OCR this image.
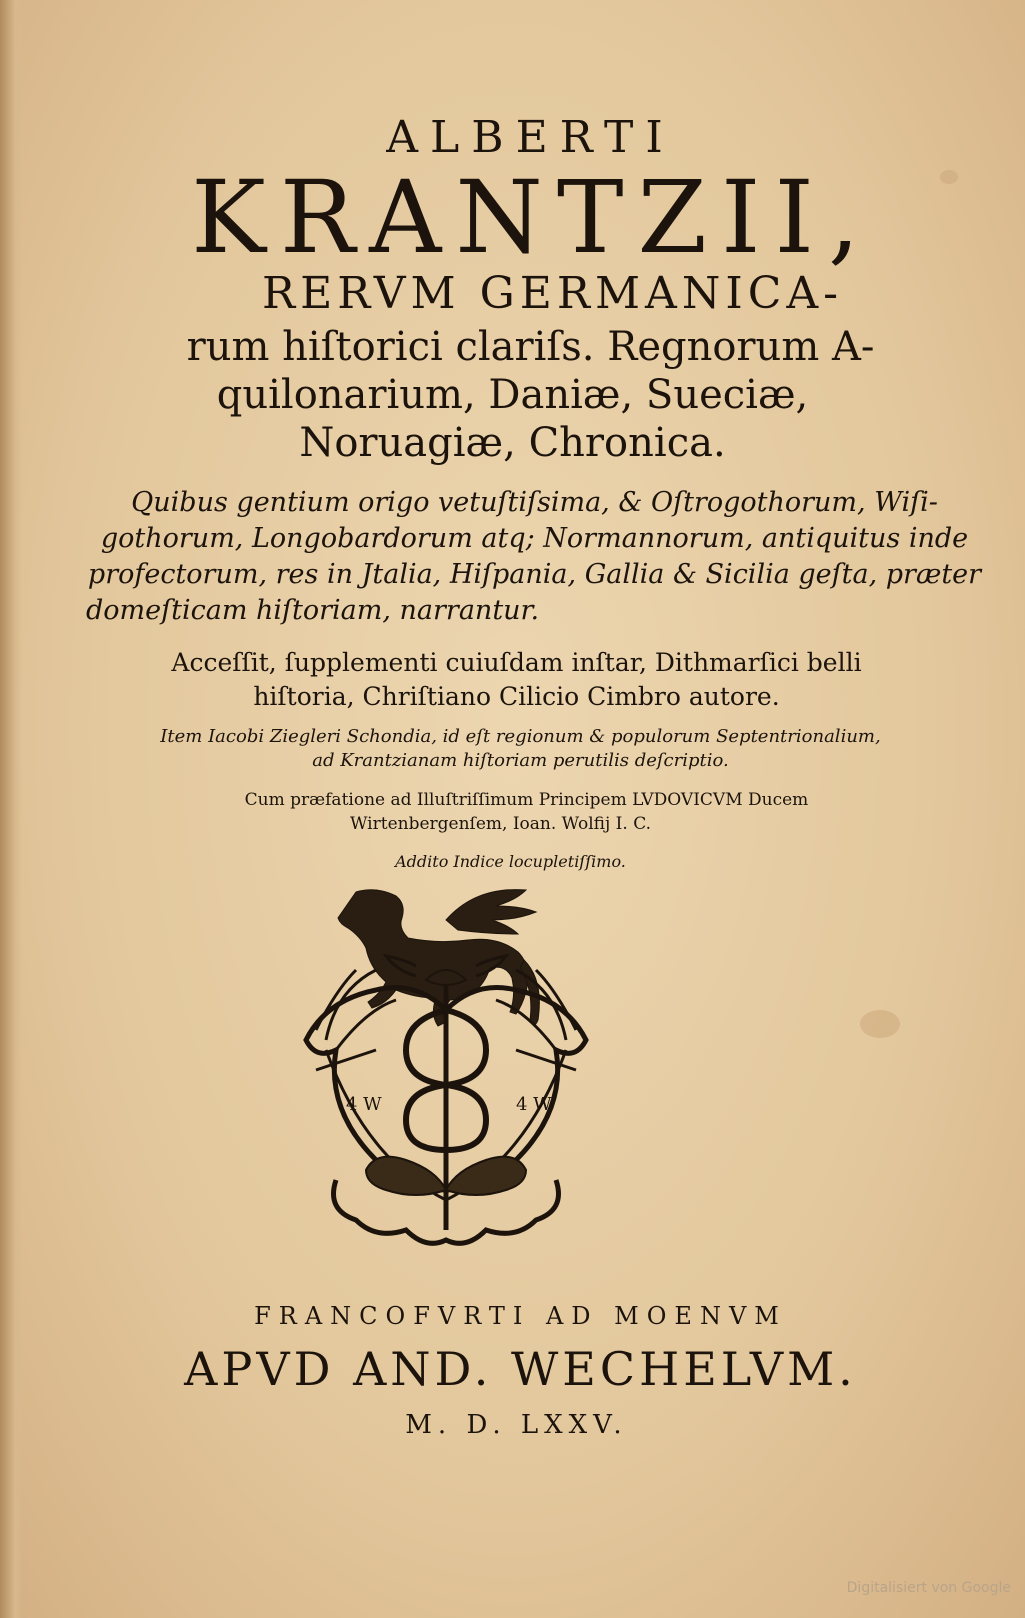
ALBERTI
KRANTZII,
RERVM GERMANICA-
rum hiſtorici clariſs. Regnorum A-
quilonarium, Daniæ, Sueciæ,
Noruagiæ, Chronica.
Quibus gentium origo vetuſtiſsima, & Oſtrogothorum, Wiſi-
gothorum, Longobardorum atq; Normannorum, antiquitus inde
profectorum, res in Jtalia, Hiſpania, Gallia & Sicilia geſta, præter
domeſticam hiſtoriam, narrantur.
Acceſſit, ſupplementi cuiuſdam inſtar, Dithmarſici belli
hiſtoria, Chriſtiano Cilicio Cimbro autore.
Item Iacobi Ziegleri Schondia, id eſt regionum & populorum Septentrionalium,
ad Krantzianam hiſtoriam perutilis deſcriptio.
Cum præfatione ad Illuſtriſſimum Principem LVDOVICVM Ducem
Wirtenbergenſem, Ioan. Wolfij I. C.
Addito Indice locupletiſſimo.
4 W	4 W
FRANCOFVRTI AD MOENVM
APVD AND. WECHELVM.
M. D. LXXV.
Digitalisiert von Google
